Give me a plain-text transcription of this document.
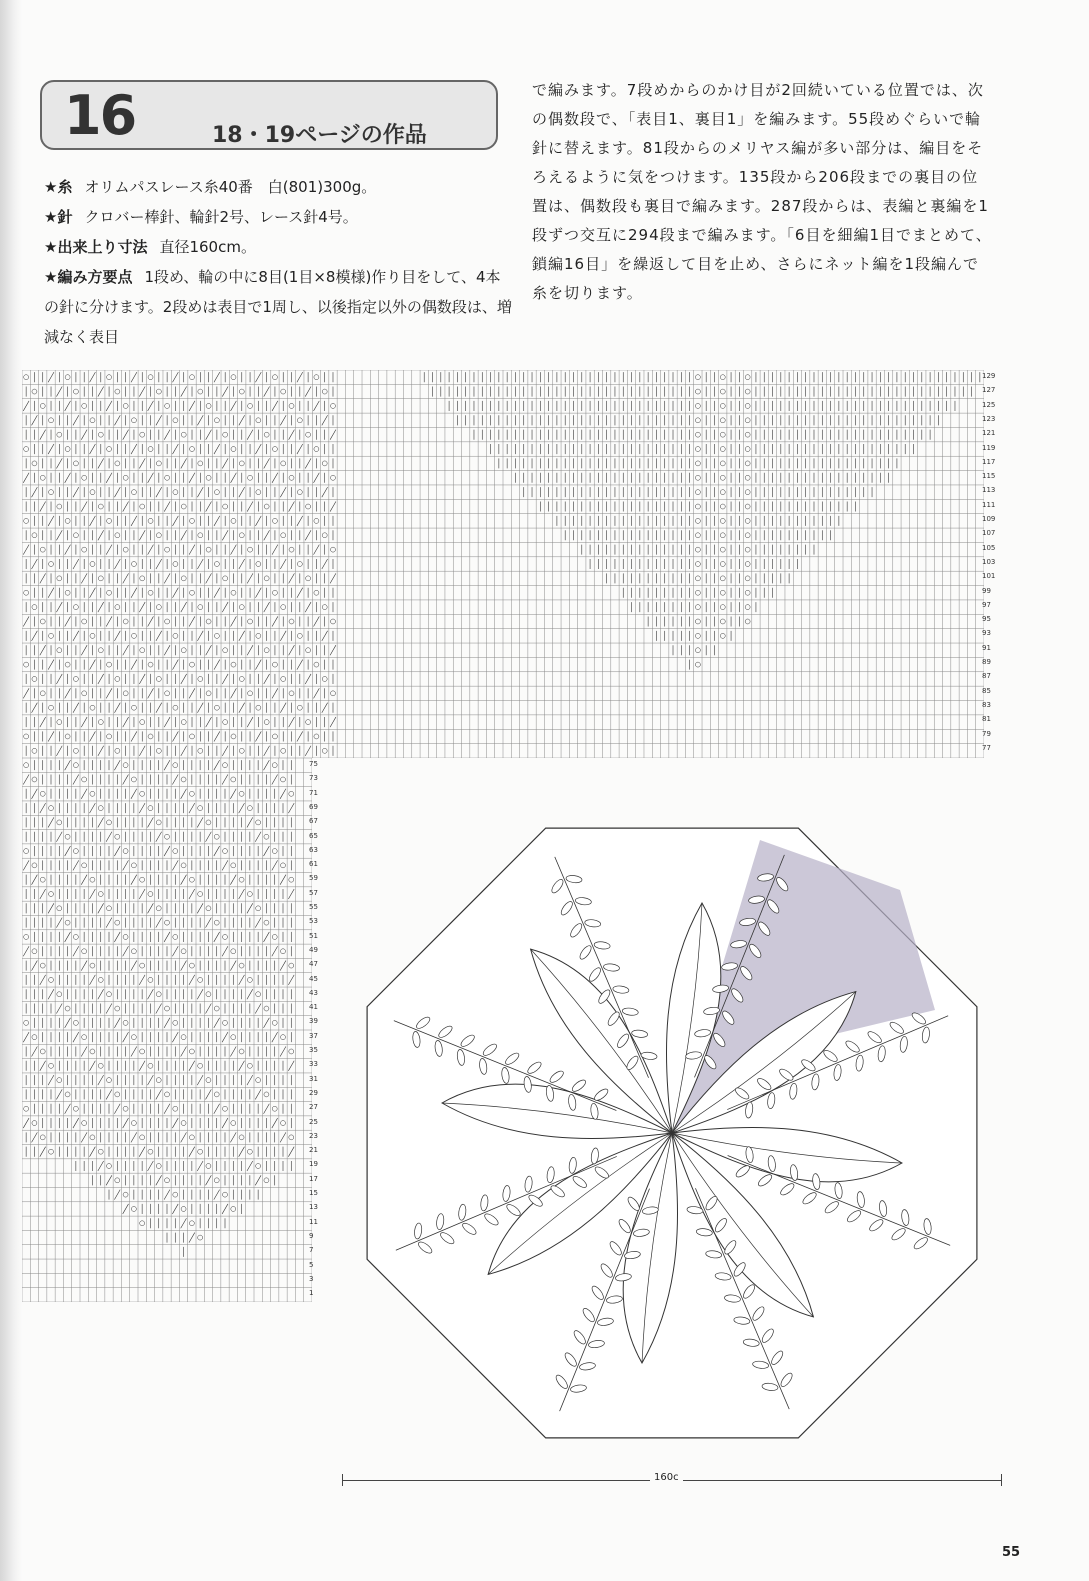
16	18・19ページの作品

★糸 オリムパスレース糸40番　白(801)300g。

★針 クロバー棒針、輪針2号、レース針4号。

★出来上り寸法 直径160cm。

★編み方要点 1段め、輪の中に8目(1目×8模様)作り目をして、4本の針に分けます。2段めは表目で1周し、以後指定以外の偶数段は、増減なく表目

で編みます。7段めからのかけ目が2回続いている位置では、次の偶数段で、「表目1、裏目1」を編みます。55段めぐらいで輪針に替えます。81段からのメリヤス編が多い部分は、編目をそろえるように気をつけます。135段から206段までの裏目の位置は、偶数段も裏目で編みます。287段からは、表編と裏編を1段ずつ交互に294段まで編みます。「6目を細編1目でまとめて、鎖編16目」を繰返して目を止め、さらにネット編を1段編んで糸を切ります。
129
127
125
123
121
119
117
115
113
111
109
107
105
103
101
99
97
95
93
91
89
87
85
83
81
79
77
75
73
71
69
67
65
63
61
59
57
55
53
51
49
47
45
43
41
39
37
35
33
31
29
27
25
23
21
19
17
15
13
11
9
7
5
3
1
160c
55
